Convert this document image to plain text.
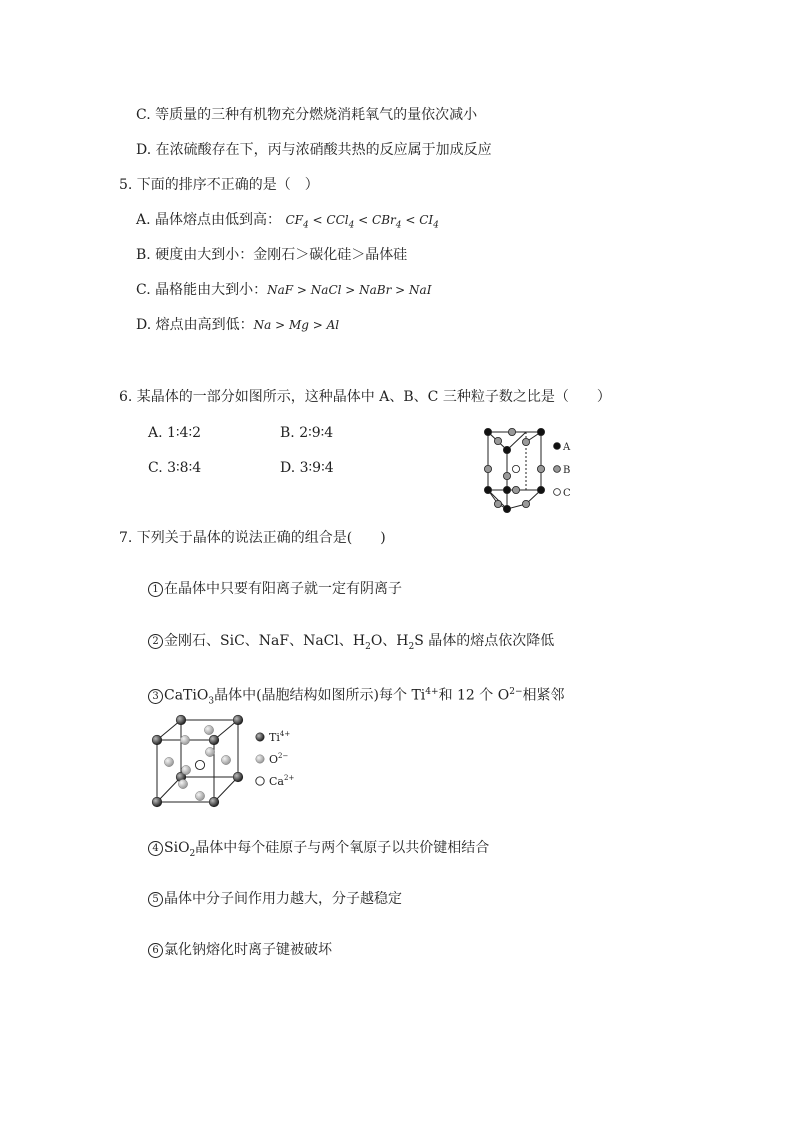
C. 等质量的三种有机物充分燃烧消耗氧气的量依次减小
D. 在浓硫酸存在下，丙与浓硝酸共热的反应属于加成反应
5. 下面的排序不正确的是（　）
A. 晶体熔点由低到高： $CF_4 < CCl_4 < CBr_4 < CI_4$
B. 硬度由大到小：金刚石＞碳化硅＞晶体硅
C. 晶格能由大到小：NaF > NaCl > NaBr > NaI
D. 熔点由高到低：Na > Mg > Al
6. 某晶体的一部分如图所示，这种晶体中 A、B、C 三种粒子数之比是（　　）
A. 1∶4∶2	B. 2∶9∶4
C. 3∶8∶4	D. 3∶9∶4
A
B
C
7. 下列关于晶体的说法正确的组合是(　　)
1 在晶体中只要有阳离子就一定有阴离子
2 金刚石、SiC、NaF、NaCl、$H_2O$、$H_2S$ 晶体的熔点依次降低
3 CaTiO$_3$晶体中(晶胞结构如图所示)每个 $Ti^{4+}$和 12 个 $O^{2-}$相紧邻
$Ti^{4+}$
$O^{2-}$
$Ca^{2+}$
4 SiO$_2$晶体中每个硅原子与两个氧原子以共价键相结合
5 晶体中分子间作用力越大，分子越稳定
6 氯化钠熔化时离子键被破坏
